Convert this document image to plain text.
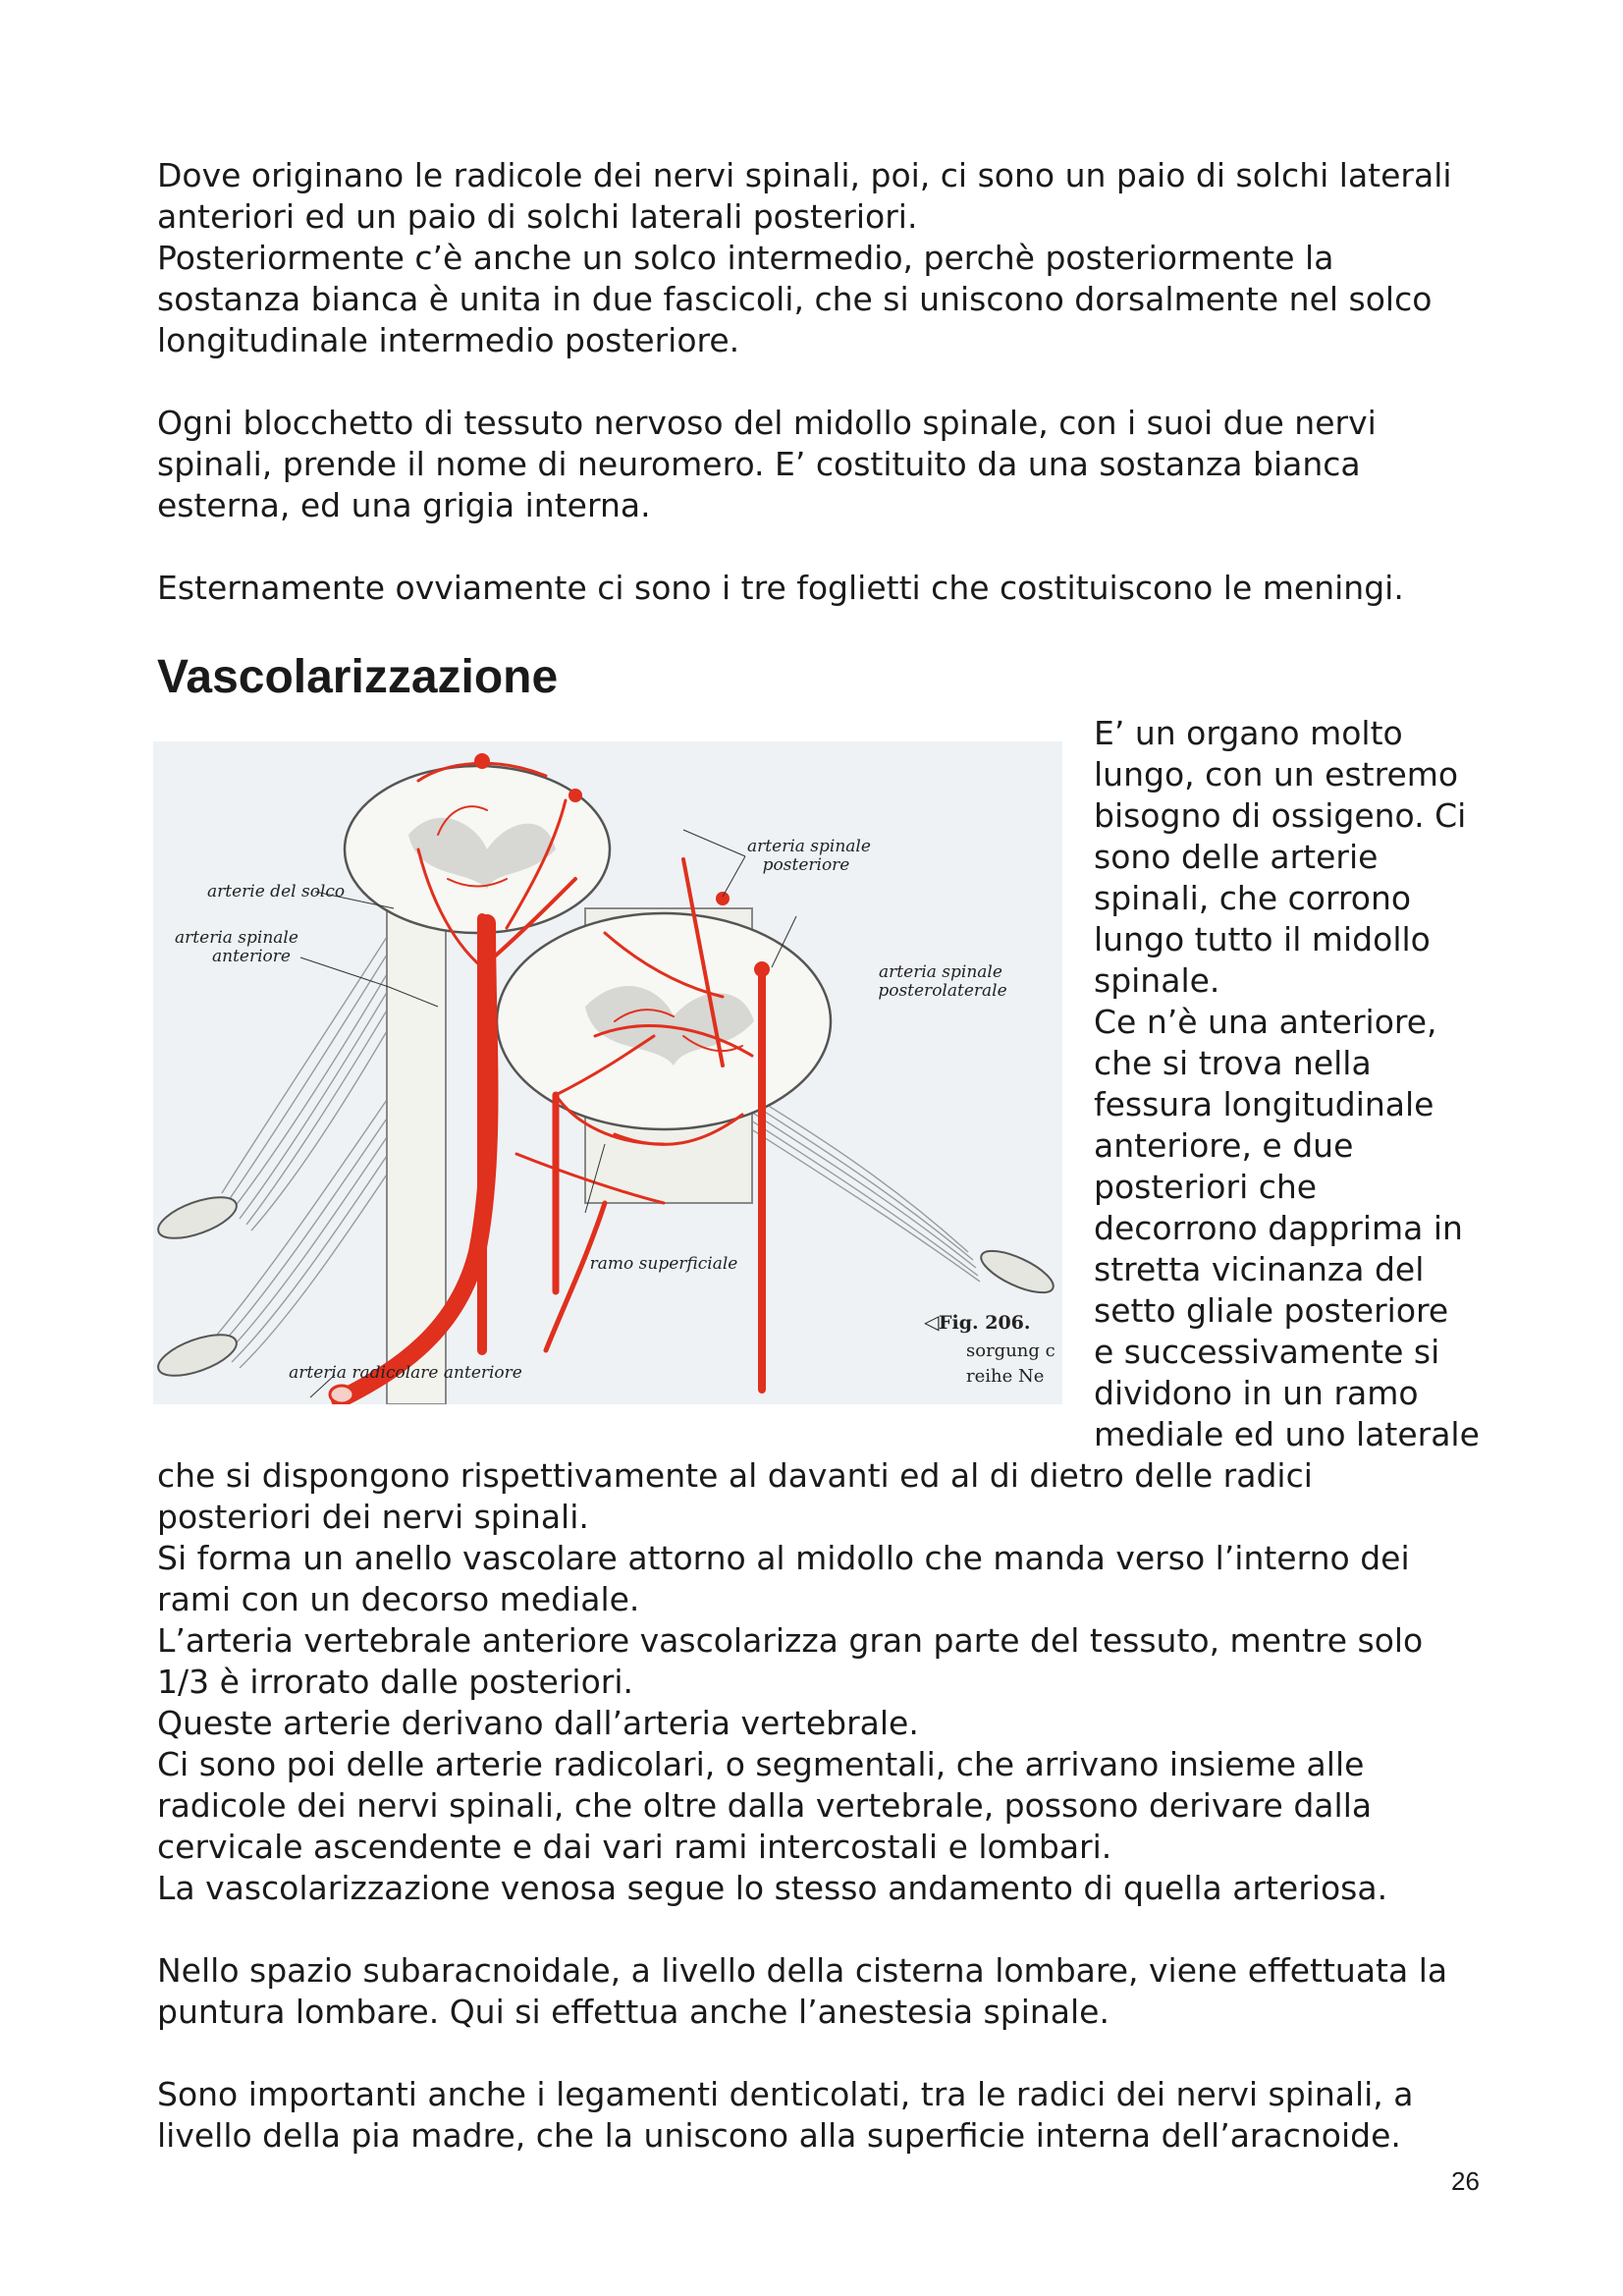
Dove originano le radicole dei nervi spinali, poi, ci sono un paio di solchi laterali
anteriori ed un paio di solchi laterali posteriori.
Posteriormente c’è anche un solco intermedio, perchè posteriormente la
sostanza bianca è unita in due fascicoli, che si uniscono dorsalmente nel solco
longitudinale intermedio posteriore.
Ogni blocchetto di tessuto nervoso del midollo spinale, con i suoi due nervi
spinali, prende il nome di neuromero. E’ costituito da una sostanza bianca
esterna, ed una grigia interna.
Esternamente ovviamente ci sono i tre foglietti che costituiscono le meningi.
Vascolarizzazione
arteria spinale
posteriore
arterie del solco
arteria spinale
anteriore
arteria spinale
posterolaterale
ramo superficiale
arteria radicolare anteriore
Fig. 206.
◁
sorgung c
reihe Ne
E’ un organo molto
lungo, con un estremo
bisogno di ossigeno. Ci
sono delle arterie
spinali, che corrono
lungo tutto il midollo
spinale.
Ce n’è una anteriore,
che si trova nella
fessura longitudinale
anteriore, e due
posteriori che
decorrono dapprima in
stretta vicinanza del
setto gliale posteriore
e successivamente si
dividono in un ramo
mediale ed uno laterale
che si dispongono rispettivamente al davanti ed al di dietro delle radici
posteriori dei nervi spinali.
Si forma un anello vascolare attorno al midollo che manda verso l’interno dei
rami con un decorso mediale.
L’arteria vertebrale anteriore vascolarizza gran parte del tessuto, mentre solo
1/3 è irrorato dalle posteriori.
Queste arterie derivano dall’arteria vertebrale.
Ci sono poi delle arterie radicolari, o segmentali, che arrivano insieme alle
radicole dei nervi spinali, che oltre dalla vertebrale, possono derivare dalla
cervicale ascendente e dai vari rami intercostali e lombari.
La vascolarizzazione venosa segue lo stesso andamento di quella arteriosa.
Nello spazio subaracnoidale, a livello della cisterna lombare, viene effettuata la
puntura lombare. Qui si effettua anche l’anestesia spinale.
Sono importanti anche i legamenti denticolati, tra le radici dei nervi spinali, a
livello della pia madre, che la uniscono alla superficie interna dell’aracnoide.
26
